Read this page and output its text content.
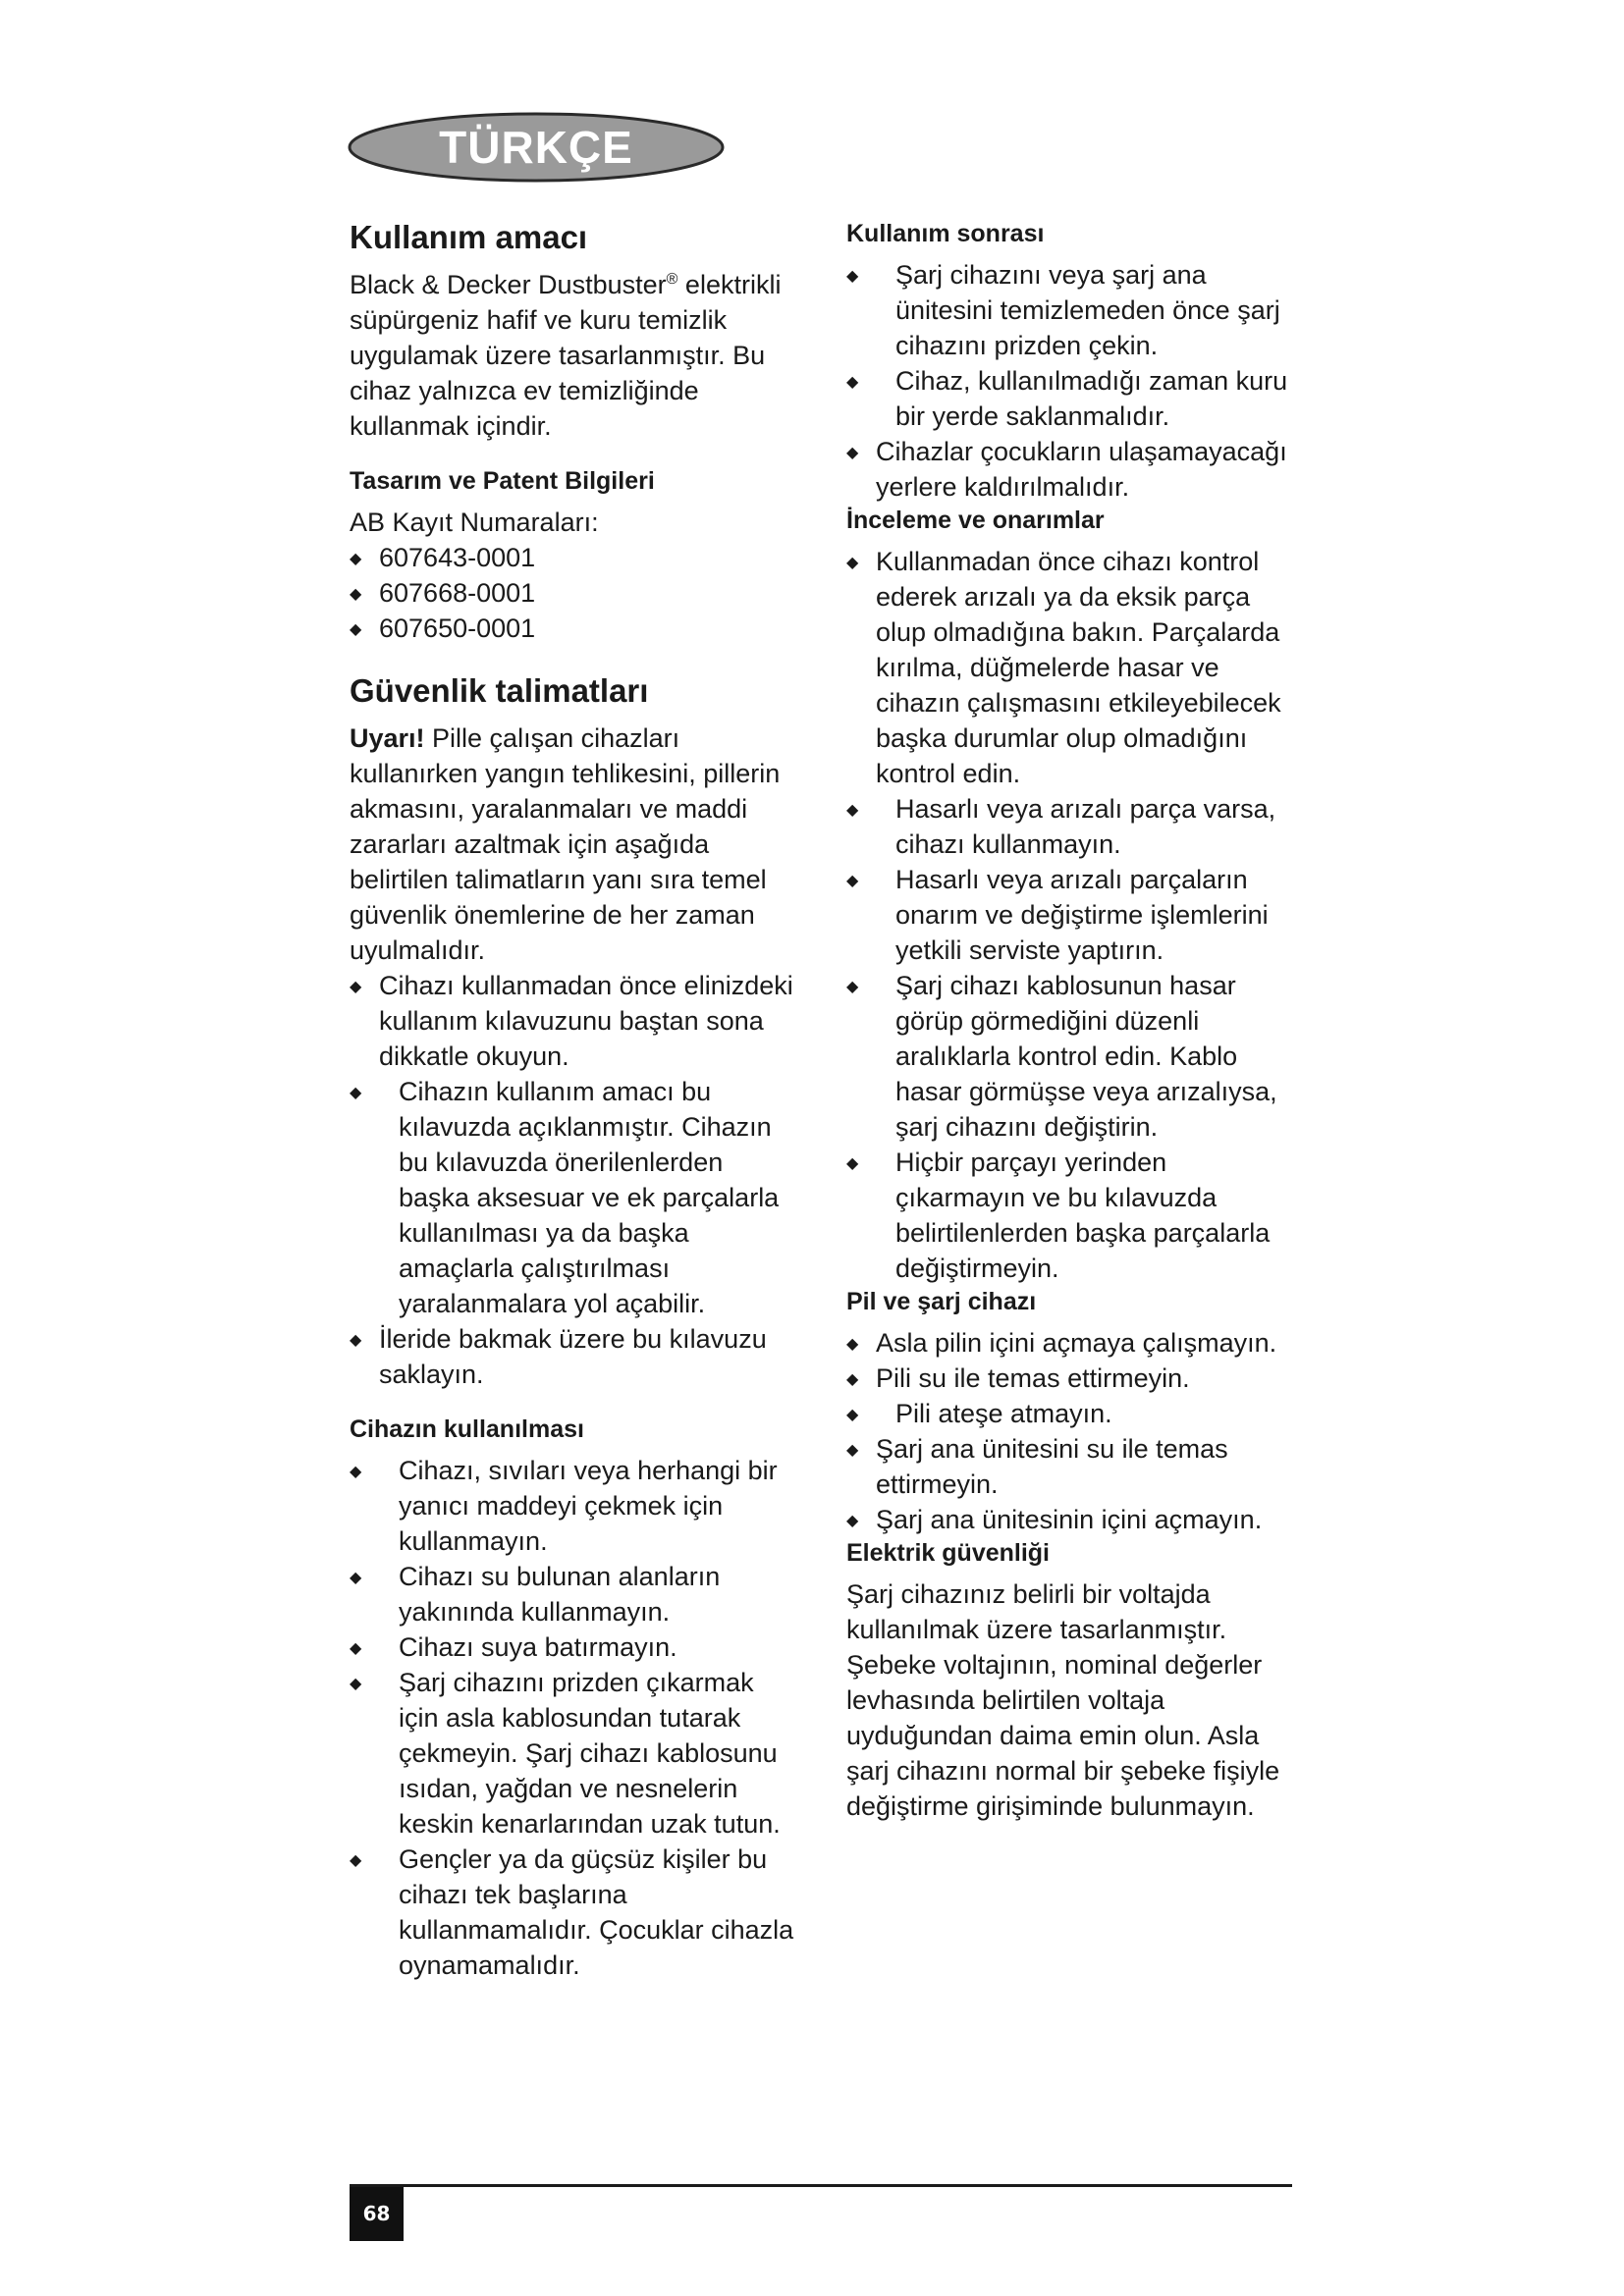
TÜRKÇE
Kullanım amacı

Black & Decker Dustbuster® elektrikli süpürgeniz hafif ve kuru temizlik uygulamak üzere tasarlanmıştır. Bu cihaz yalnızca ev temizliğinde kullanmak içindir.

Tasarım ve Patent Bilgileri

AB Kayıt Numaraları:

◆ 607643-0001
◆ 607668-0001
◆ 607650-0001
Güvenlik talimatları

Uyarı! Pille çalışan cihazları kullanırken yangın tehlikesini, pillerin akmasını, yaralanmaları ve maddi zararları azaltmak için aşağıda belirtilen talimatların yanı sıra temel güvenlik önemlerine de her zaman uyulmalıdır.

◆ Cihazı kullanmadan önce elinizdeki kullanım kılavuzunu baştan sona dikkatle okuyun.
◆ Cihazın kullanım amacı bu kılavuzda açıklanmıştır. Cihazın bu kılavuzda önerilenlerden başka aksesuar ve ek parçalarla kullanılması ya da başka amaçlarla çalıştırılması yaralanmalara yol açabilir.
◆ İleride bakmak üzere bu kılavuzu saklayın.
Cihazın kullanılması
◆ Cihazı, sıvıları veya herhangi bir yanıcı maddeyi çekmek için kullanmayın.
◆ Cihazı su bulunan alanların yakınında kullanmayın.
◆ Cihazı suya batırmayın.
◆ Şarj cihazını prizden çıkarmak için asla kablosundan tutarak çekmeyin. Şarj cihazı kablosunu ısıdan, yağdan ve nesnelerin keskin kenarlarından uzak tutun.
◆ Gençler ya da güçsüz kişiler bu cihazı tek başlarına kullanmamalıdır. Çocuklar cihazla oynamamalıdır.
Kullanım sonrası
◆ Şarj cihazını veya şarj ana ünitesini temizlemeden önce şarj cihazını prizden çekin.
◆ Cihaz, kullanılmadığı zaman kuru bir yerde saklanmalıdır.
◆ Cihazlar çocukların ulaşamayacağı yerlere kaldırılmalıdır.
İnceleme ve onarımlar
◆ Kullanmadan önce cihazı kontrol ederek arızalı ya da eksik parça olup olmadığına bakın. Parçalarda kırılma, düğmelerde hasar ve cihazın çalışmasını etkileyebilecek başka durumlar olup olmadığını kontrol edin.
◆ Hasarlı veya arızalı parça varsa, cihazı kullanmayın.
◆ Hasarlı veya arızalı parçaların onarım ve değiştirme işlemlerini yetkili serviste yaptırın.
◆ Şarj cihazı kablosunun hasar görüp görmediğini düzenli aralıklarla kontrol edin. Kablo hasar görmüşse veya arızalıysa, şarj cihazını değiştirin.
◆ Hiçbir parçayı yerinden çıkarmayın ve bu kılavuzda belirtilenlerden başka parçalarla değiştirmeyin.
Pil ve şarj cihazı
◆ Asla pilin içini açmaya çalışmayın.
◆ Pili su ile temas ettirmeyin.
◆ Pili ateşe atmayın.
◆ Şarj ana ünitesini su ile temas ettirmeyin.
◆ Şarj ana ünitesinin içini açmayın.
Elektrik güvenliği

Şarj cihazınız belirli bir voltajda kullanılmak üzere tasarlanmıştır. Şebeke voltajının, nominal değerler levhasında belirtilen voltaja uyduğundan daima emin olun. Asla şarj cihazını normal bir şebeke fişiyle değiştirme girişiminde bulunmayın.

68
